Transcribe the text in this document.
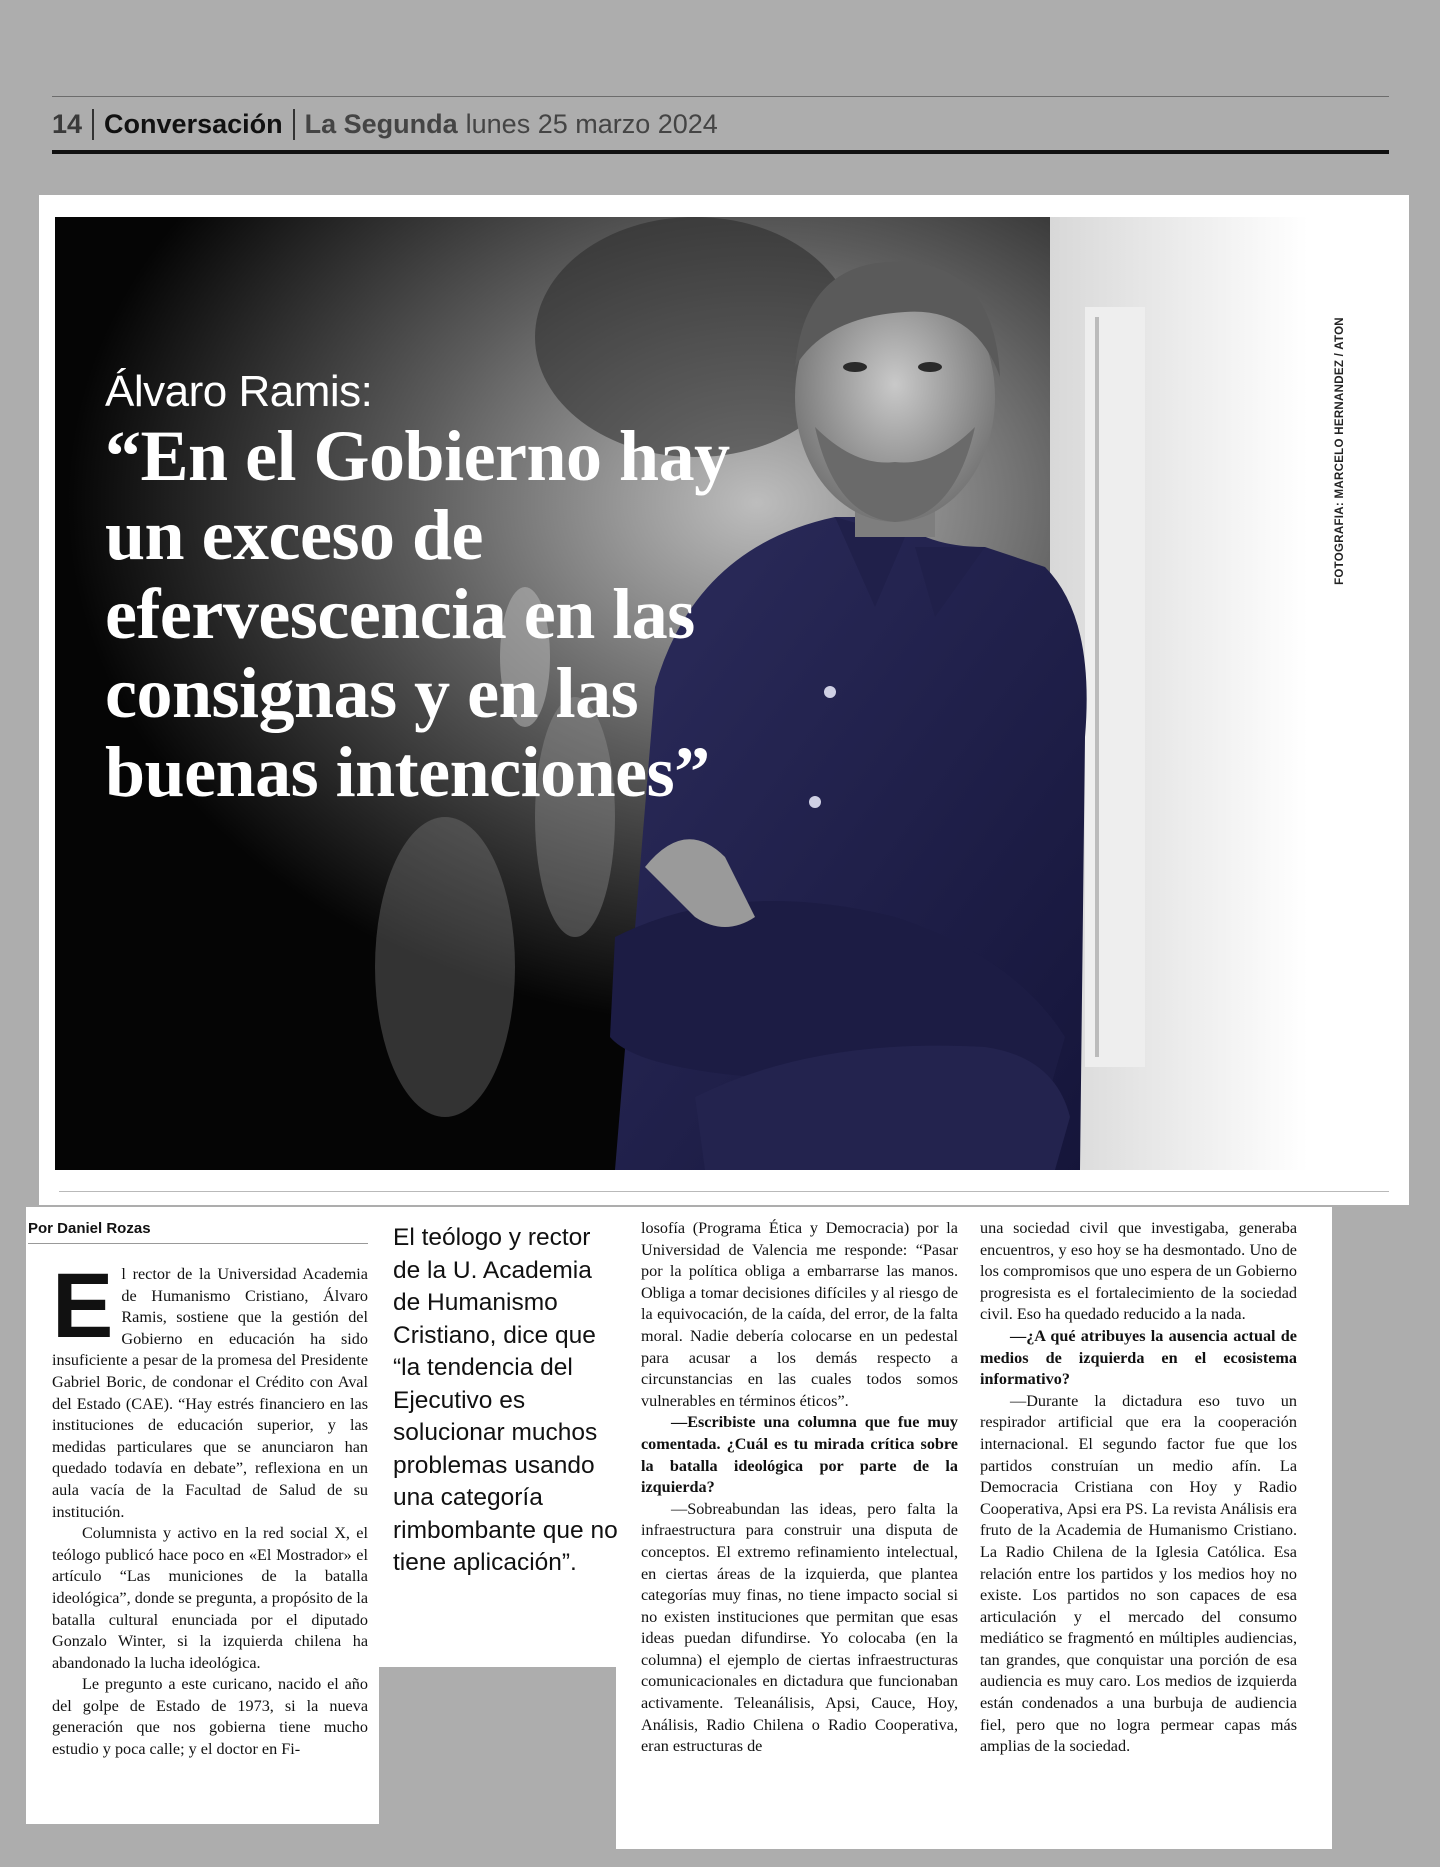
14 Conversación La Segunda lunes 25 marzo 2024
Álvaro Ramis:
“En el Gobierno hay un exceso de efervescencia en las consignas y en las buenas intenciones”
FOTOGRAFIA: MARCELO HERNANDEZ / ATON
Por Daniel Rozas

El rector de la Universidad Academia de Humanismo Cristiano, Álvaro Ramis, sostiene que la gestión del Gobierno en educación ha sido insuficiente a pesar de la promesa del Presidente Gabriel Boric, de condonar el Crédito con Aval del Estado (CAE). “Hay estrés financiero en las instituciones de educación superior, y las medidas particulares que se anunciaron han quedado todavía en debate”, reflexiona en un aula vacía de la Facultad de Salud de su institución.

Columnista y activo en la red social X, el teólogo publicó hace poco en «El Mostrador» el artículo “Las municiones de la batalla ideológica”, donde se pregunta, a propósito de la batalla cultural enunciada por el diputado Gonzalo Winter, si la izquierda chilena ha abandonado la lucha ideológica.

Le pregunto a este curicano, nacido el año del golpe de Estado de 1973, si la nueva generación que nos gobierna tiene mucho estudio y poca calle; y el doctor en Fi-

El teólogo y rector de la U. Academia de Humanismo Cristiano, dice que “la tendencia del Ejecutivo es solucionar muchos problemas usando una categoría rimbombante que no tiene aplicación”.

losofía (Programa Ética y Democracia) por la Universidad de Valencia me responde: “Pasar por la política obliga a embarrarse las manos. Obliga a tomar decisiones difíciles y al riesgo de la equivocación, de la caída, del error, de la falta moral. Nadie debería colocarse en un pedestal para acusar a los demás respecto a circunstancias en las cuales todos somos vulnerables en términos éticos”.

—Escribiste una columna que fue muy comentada. ¿Cuál es tu mirada crítica sobre la batalla ideológica por parte de la izquierda?

—Sobreabundan las ideas, pero falta la infraestructura para construir una disputa de conceptos. El extremo refinamiento intelectual, en ciertas áreas de la izquierda, que plantea categorías muy finas, no tiene impacto social si no existen instituciones que permitan que esas ideas puedan difundirse. Yo colocaba (en la columna) el ejemplo de ciertas infraestructuras comunicacionales en dictadura que funcionaban activamente. Teleanálisis, Apsi, Cauce, Hoy, Análisis, Radio Chilena o Radio Cooperativa, eran estructuras de

una sociedad civil que investigaba, generaba encuentros, y eso hoy se ha desmontado. Uno de los compromisos que uno espera de un Gobierno progresista es el fortalecimiento de la sociedad civil. Eso ha quedado reducido a la nada.

—¿A qué atribuyes la ausencia actual de medios de izquierda en el ecosistema informativo?

—Durante la dictadura eso tuvo un respirador artificial que era la cooperación internacional. El segundo factor fue que los partidos construían un medio afín. La Democracia Cristiana con Hoy y Radio Cooperativa, Apsi era PS. La revista Análisis era fruto de la Academia de Humanismo Cristiano. La Radio Chilena de la Iglesia Católica. Esa relación entre los partidos y los medios hoy no existe. Los partidos no son capaces de esa articulación y el mercado del consumo mediático se fragmentó en múltiples audiencias, tan grandes, que conquistar una porción de esa audiencia es muy caro. Los medios de izquierda están condenados a una burbuja de audiencia fiel, pero que no logra permear capas más amplias de la sociedad.
